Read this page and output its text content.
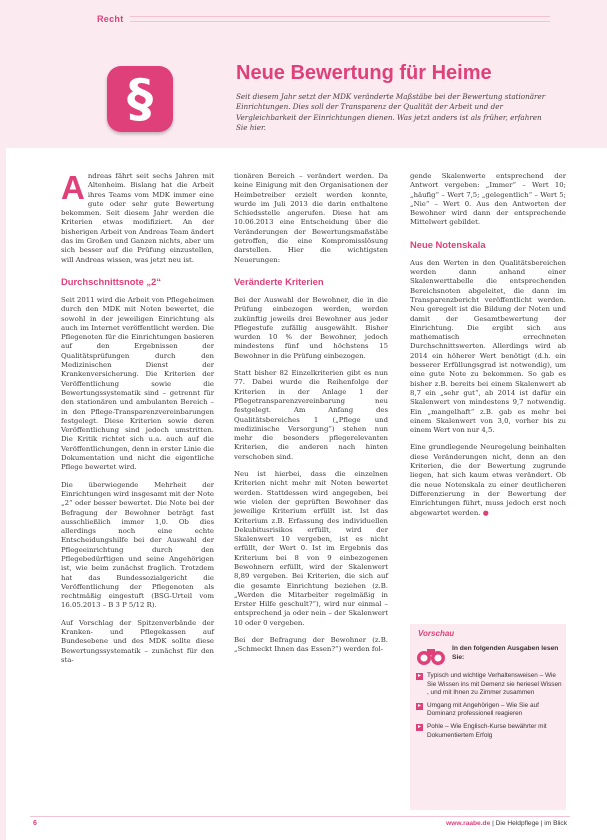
Recht
§	Neue Bewertung für Heime

Seit diesem Jahr setzt der MDK veränderte Maßstäbe bei der Bewertung stationärer Einrichtungen. Dies soll der Transparenz der Qualität der Arbeit und der Vergleichbarkeit der Einrichtungen dienen. Was jetzt anders ist als früher, erfahren Sie hier.

Andreas fährt seit sechs Jahren mit Altenheim. Bislang hat die Arbeit ihres Teams vom MDK immer eine gute oder sehr gute Bewertung bekommen. Seit diesem Jahr werden die Kriterien etwas modifiziert. An der bisherigen Arbeit von Andreas Team ändert das im Großen und Ganzen nichts, aber um sich besser auf die Prüfung einzustellen, will Andreas wissen, was jetzt neu ist.

Durchschnittsnote „2“

Seit 2011 wird die Arbeit von Pflegeheimen durch den MDK mit Noten bewertet, die sowohl in der jeweiligen Einrichtung als auch im Internet veröffentlicht werden. Die Pflegenoten für die Einrichtungen basieren auf den Ergebnissen der Qualitätsprüfungen durch den Medizinischen Dienst der Krankenversicherung. Die Kriterien der Veröffentlichung sowie die Bewertungssystematik sind – getrennt für den stationären und ambulanten Bereich – in den Pflege-Transparenzvereinbarungen festgelegt. Diese Kriterien sowie deren Veröffentlichung sind jedoch umstritten. Die Kritik richtet sich u.a. auch auf die Veröffentlichungen, denn in erster Linie die Dokumentation und nicht die eigentliche Pflege bewertet wird.

Die überwiegende Mehrheit der Einrichtungen wird insgesamt mit der Note „2“ oder besser bewertet. Die Note bei der Befragung der Bewohner beträgt fast ausschließlich immer 1,0. Ob dies allerdings noch eine echte Entscheidungshilfe bei der Auswahl der Pflegeeinrichtung durch den Pflegebedürftigen und seine Angehörigen ist, wie beim zunächst fraglich. Trotzdem hat das Bundessozialgericht die Veröffentlichung der Pflegenoten als rechtmäßig eingestuft (BSG-Urteil vom 16.05.2013 – B 3 P 5/12 R).

Auf Vorschlag der Spitzenverbände der Kranken- und Pflegekassen auf Bundesebene und des MDK sollte diese Bewertungssystematik – zunächst für den sta-

tionären Bereich – verändert werden. Da keine Einigung mit den Organisationen der Heimbetreiber erzielt werden konnte, wurde im Juli 2013 die darin enthaltene Schiedsstelle angerufen. Diese hat am 10.06.2013 eine Entscheidung über die Veränderungen der Bewertungsmaßstäbe getroffen, die eine Kompromisslösung darstellen. Hier die wichtigsten Neuerungen:

Veränderte Kriterien

Bei der Auswahl der Bewohner, die in die Prüfung einbezogen werden, werden zukünftig jeweils drei Bewohner aus jeder Pflegestufe zufällig ausgewählt. Bisher wurden 10 % der Bewohner, jedoch mindestens fünf und höchstens 15 Bewohner in die Prüfung einbezogen.

Statt bisher 82 Einzelkriterien gibt es nun 77. Dabei wurde die Reihenfolge der Kriterien in der Anlage 1 der Pflegetransparenzvereinbarung neu festgelegt. Am Anfang des Qualitätsbereiches 1 („Pflege und medizinische Versorgung“) stehen nun mehr die besonders pflegerelevanten Kriterien, die anderen nach hinten verschoben sind.

Neu ist hierbei, dass die einzelnen Kriterien nicht mehr mit Noten bewertet werden. Stattdessen wird angegeben, bei wie vielen der geprüften Bewohner das jeweilige Kriterium erfüllt ist. Ist das Kriterium z.B. Erfassung des individuellen Dekubitusrisikos erfüllt, wird der Skalenwert 10 vergeben, ist es nicht erfüllt, der Wert 0. Ist im Ergebnis das Kriterium bei 8 von 9 einbezogenen Bewohnern erfüllt, wird der Skalenwert 8,89 vergeben. Bei Kriterien, die sich auf die gesamte Einrichtung beziehen (z.B. „Werden die Mitarbeiter regelmäßig in Erster Hilfe geschult?“), wird nur einmal – entsprechend ja oder nein – der Skalenwert 10 oder 0 vergeben.

Bei der Befragung der Bewohner (z.B. „Schmeckt Ihnen das Essen?“) werden fol-

gende Skalenwerte entsprechend der Antwort vergeben: „Immer“ – Wert 10; „häufig“ – Wert 7,5; „gelegentlich“ – Wert 5; „Nie“ – Wert 0. Aus den Antworten der Bewohner wird dann der entsprechende Mittelwert gebildet.

Neue Notenskala

Aus den Werten in den Qualitätsbereichen werden dann anhand einer Skalenwerttabelle die entsprechenden Bereichsnoten abgeleitet, die dann im Transparenzbericht veröffentlicht werden. Neu geregelt ist die Bildung der Noten und damit der Gesamtbewertung der Einrichtung. Die ergibt sich aus mathematisch errechneten Durchschnittswerten. Allerdings wird ab 2014 ein höherer Wert benötigt (d.h. ein besserer Erfüllungsgrad ist notwendig), um eine gute Note zu bekommen. So gab es bisher z.B. bereits bei einem Skalenwert ab 8,7 ein „sehr gut“, ab 2014 ist dafür ein Skalenwert von mindestens 9,7 notwendig. Ein „mangelhaft“ z.B. gab es mehr bei einem Skalenwert von 3,0, vorher bis zu einem Wert von nur 4,5.

Eine grundlegende Neuregelung beinhalten diese Veränderungen nicht, denn an den Kriterien, die der Bewertung zugrunde liegen, hat sich kaum etwas verändert. Ob die neue Notenskala zu einer deutlicheren Differenzierung in der Bewertung der Einrichtungen führt, muss jedoch erst noch abgewartet werden. ●

Vorschau
In den folgenden Ausgaben lesen Sie:
▸ Typisch und wichtige Verhaltensweisen – Wie Sie Wissen ins mit Demenz sie heriesel Wissen , und mit Ihnen zu Zimmer zusammen
▸ Umgang mit Angehörigen – Wie Sie auf Dominanz professionell reagieren
▸ Pohle – Wie Englisch-Kurse bewährter mit Dokumentiertem Erfolg
6	www.raabe.de | Die Heldpflege | im Blick
